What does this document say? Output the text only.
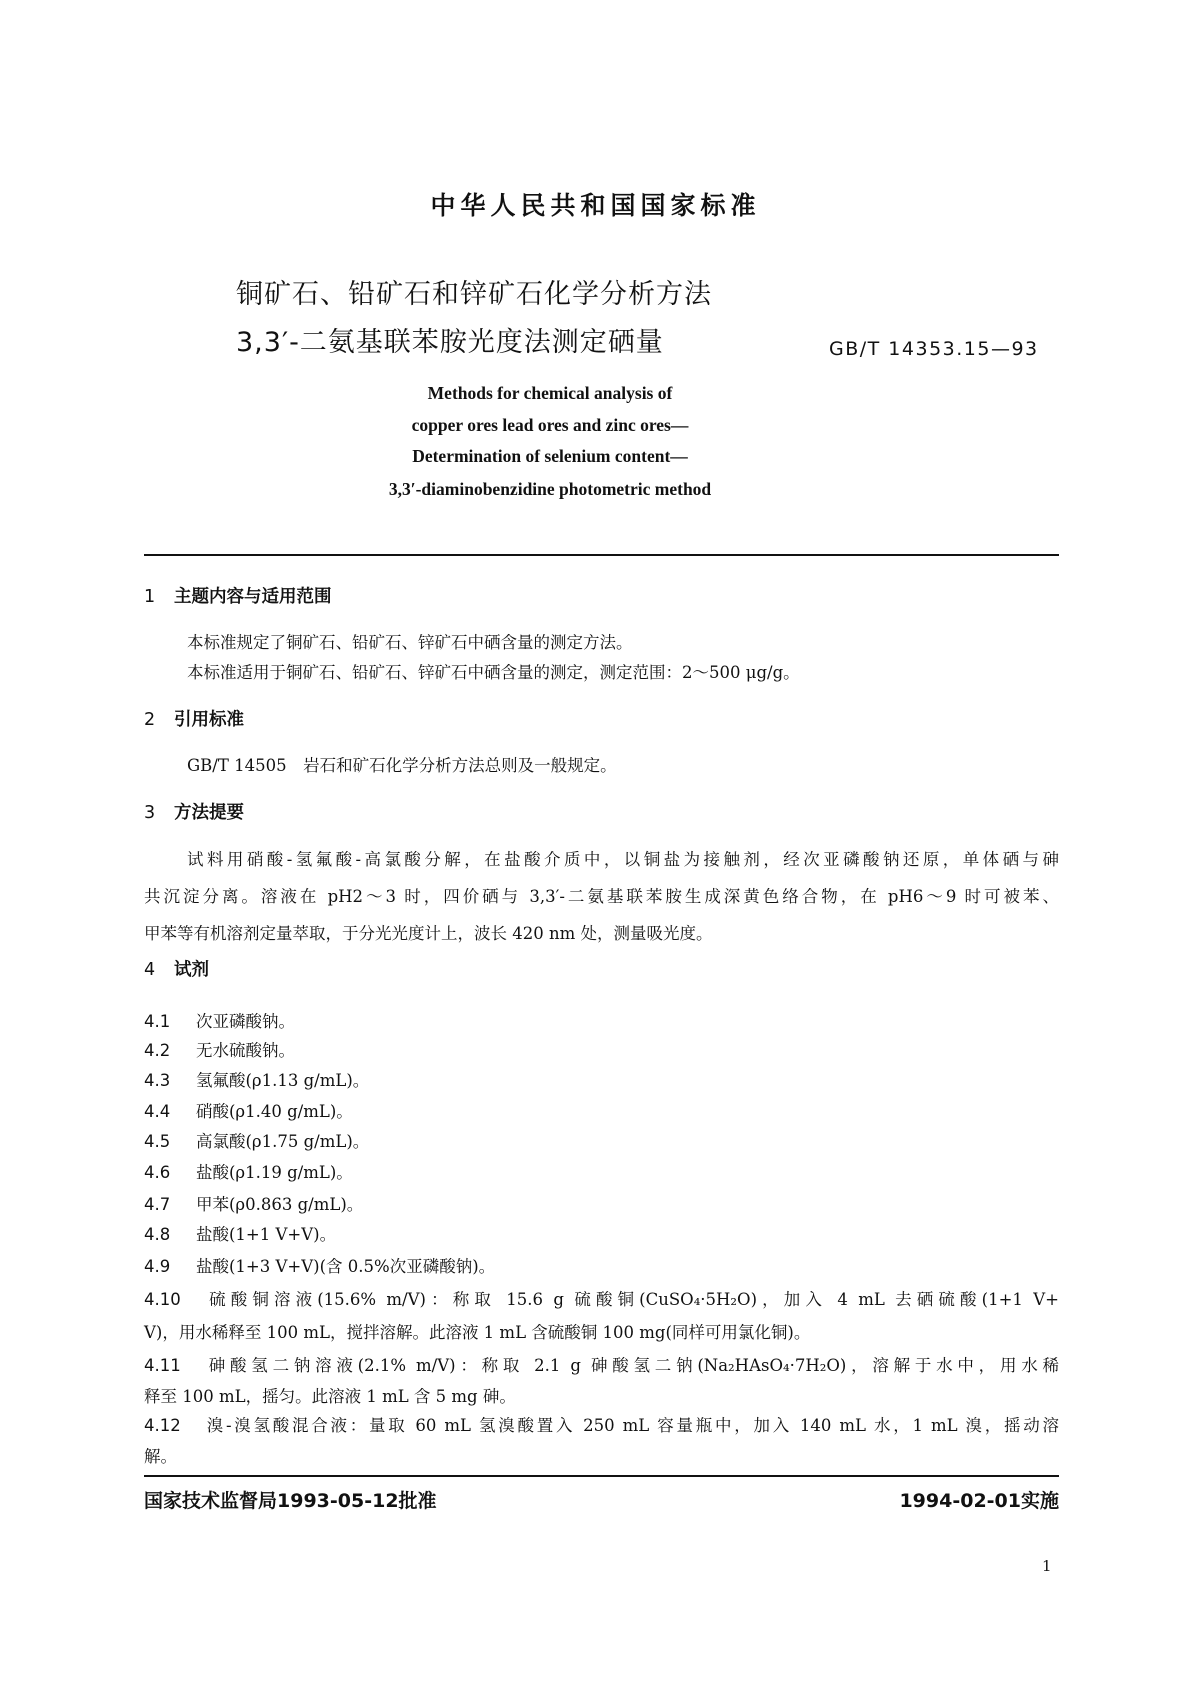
中华人民共和国国家标准
铜矿石、铅矿石和锌矿石化学分析方法
3,3′-二氨基联苯胺光度法测定硒量	GB/T 14353.15—93
Methods for chemical analysis of
copper ores lead ores and zinc ores—
Determination of selenium content—
3,3′-diaminobenzidine photometric method
1 主题内容与适用范围
本标准规定了铜矿石、铅矿石、锌矿石中硒含量的测定方法。
本标准适用于铜矿石、铅矿石、锌矿石中硒含量的测定，测定范围：2～500 μg/g。
2 引用标准
GB/T 14505　岩石和矿石化学分析方法总则及一般规定。
3 方法提要
试料用硝酸-氢氟酸-高氯酸分解，在盐酸介质中，以铜盐为接触剂，经次亚磷酸钠还原，单体硒与砷
共沉淀分离。溶液在 pH2～3 时，四价硒与 3,3′-二氨基联苯胺生成深黄色络合物，在 pH6～9 时可被苯、
甲苯等有机溶剂定量萃取，于分光光度计上，波长 420 nm 处，测量吸光度。
4 试剂
4.1 次亚磷酸钠。
4.2 无水硫酸钠。
4.3 氢氟酸(ρ1.13 g/mL)。
4.4 硝酸(ρ1.40 g/mL)。
4.5 高氯酸(ρ1.75 g/mL)。
4.6 盐酸(ρ1.19 g/mL)。
4.7 甲苯(ρ0.863 g/mL)。
4.8 盐酸(1+1 V+V)。
4.9 盐酸(1+3 V+V)(含 0.5%次亚磷酸钠)。
4.10 硫酸铜溶液(15.6% m/V)：称取 15.6 g 硫酸铜(CuSO₄·5H₂O)，加入 4 mL 去硒硫酸(1+1 V+
V)，用水稀释至 100 mL，搅拌溶解。此溶液 1 mL 含硫酸铜 100 mg(同样可用氯化铜)。
4.11 砷酸氢二钠溶液(2.1% m/V)：称取 2.1 g 砷酸氢二钠(Na₂HAsO₄·7H₂O)，溶解于水中，用水稀
释至 100 mL，摇匀。此溶液 1 mL 含 5 mg 砷。
4.12 溴-溴氢酸混合液：量取 60 mL 氢溴酸置入 250 mL 容量瓶中，加入 140 mL 水，1 mL 溴，摇动溶
解。
国家技术监督局1993-05-12批准	1994-02-01实施
1
